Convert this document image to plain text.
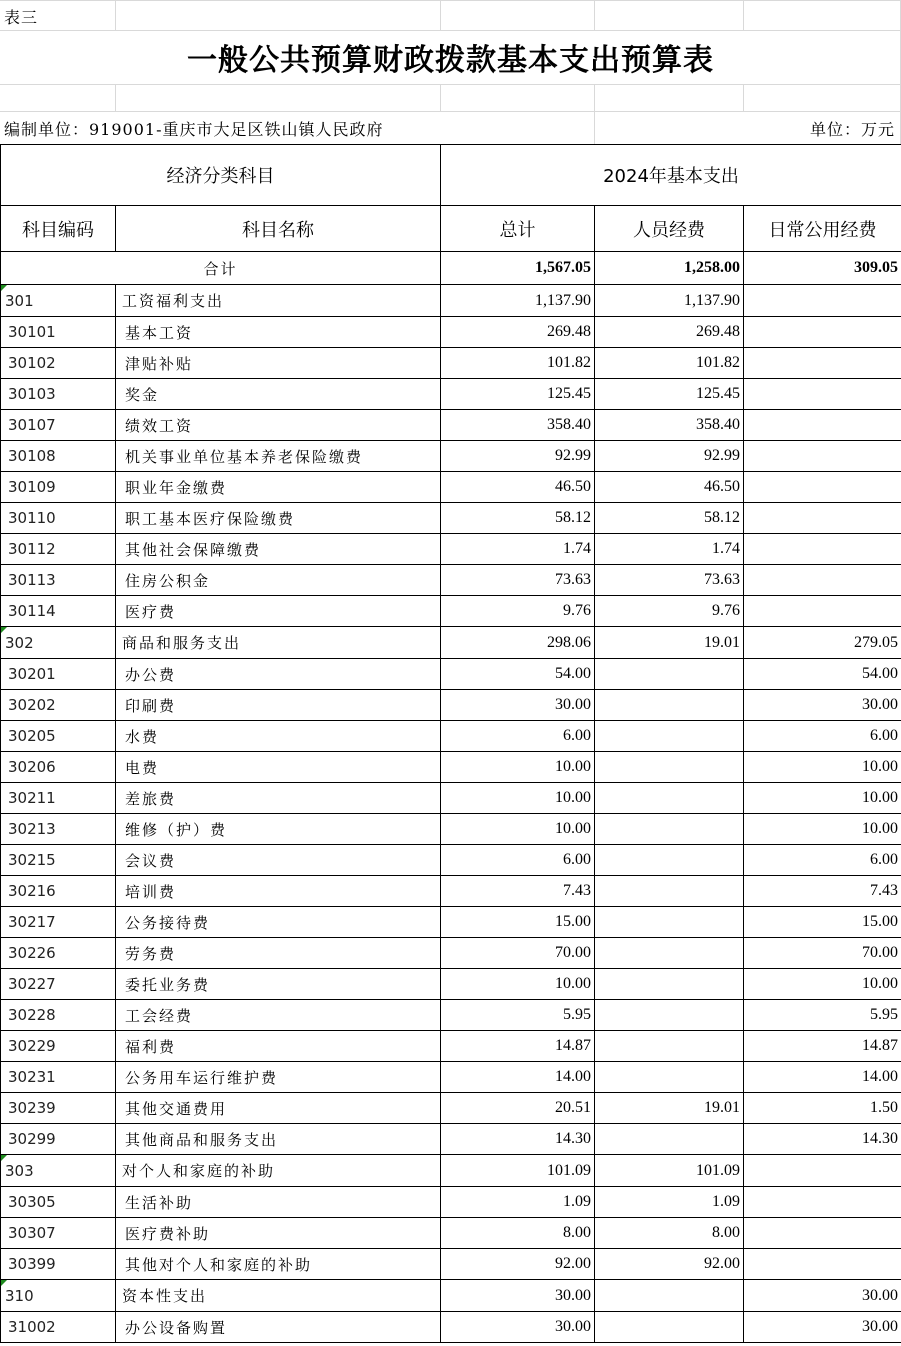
表三
一般公共预算财政拨款基本支出预算表
编制单位：919001-重庆市大足区铁山镇人民政府	单位：万元
经济分类科目		2024年基本支出		
科目编码	科目名称	总计	人员经费	日常公用经费
合计		1,567.05	1,258.00	309.05
301	工资福利支出	1,137.90	1,137.90	
30101	基本工资	269.48	269.48	
30102	津贴补贴	101.82	101.82	
30103	奖金	125.45	125.45	
30107	绩效工资	358.40	358.40	
30108	机关事业单位基本养老保险缴费	92.99	92.99	
30109	职业年金缴费	46.50	46.50	
30110	职工基本医疗保险缴费	58.12	58.12	
30112	其他社会保障缴费	1.74	1.74	
30113	住房公积金	73.63	73.63	
30114	医疗费	9.76	9.76	
302	商品和服务支出	298.06	19.01	279.05
30201	办公费	54.00		54.00
30202	印刷费	30.00		30.00
30205	水费	6.00		6.00
30206	电费	10.00		10.00
30211	差旅费	10.00		10.00
30213	维修（护）费	10.00		10.00
30215	会议费	6.00		6.00
30216	培训费	7.43		7.43
30217	公务接待费	15.00		15.00
30226	劳务费	70.00		70.00
30227	委托业务费	10.00		10.00
30228	工会经费	5.95		5.95
30229	福利费	14.87		14.87
30231	公务用车运行维护费	14.00		14.00
30239	其他交通费用	20.51	19.01	1.50
30299	其他商品和服务支出	14.30		14.30
303	对个人和家庭的补助	101.09	101.09	
30305	生活补助	1.09	1.09	
30307	医疗费补助	8.00	8.00	
30399	其他对个人和家庭的补助	92.00	92.00	
310	资本性支出	30.00		30.00
31002	办公设备购置	30.00		30.00
